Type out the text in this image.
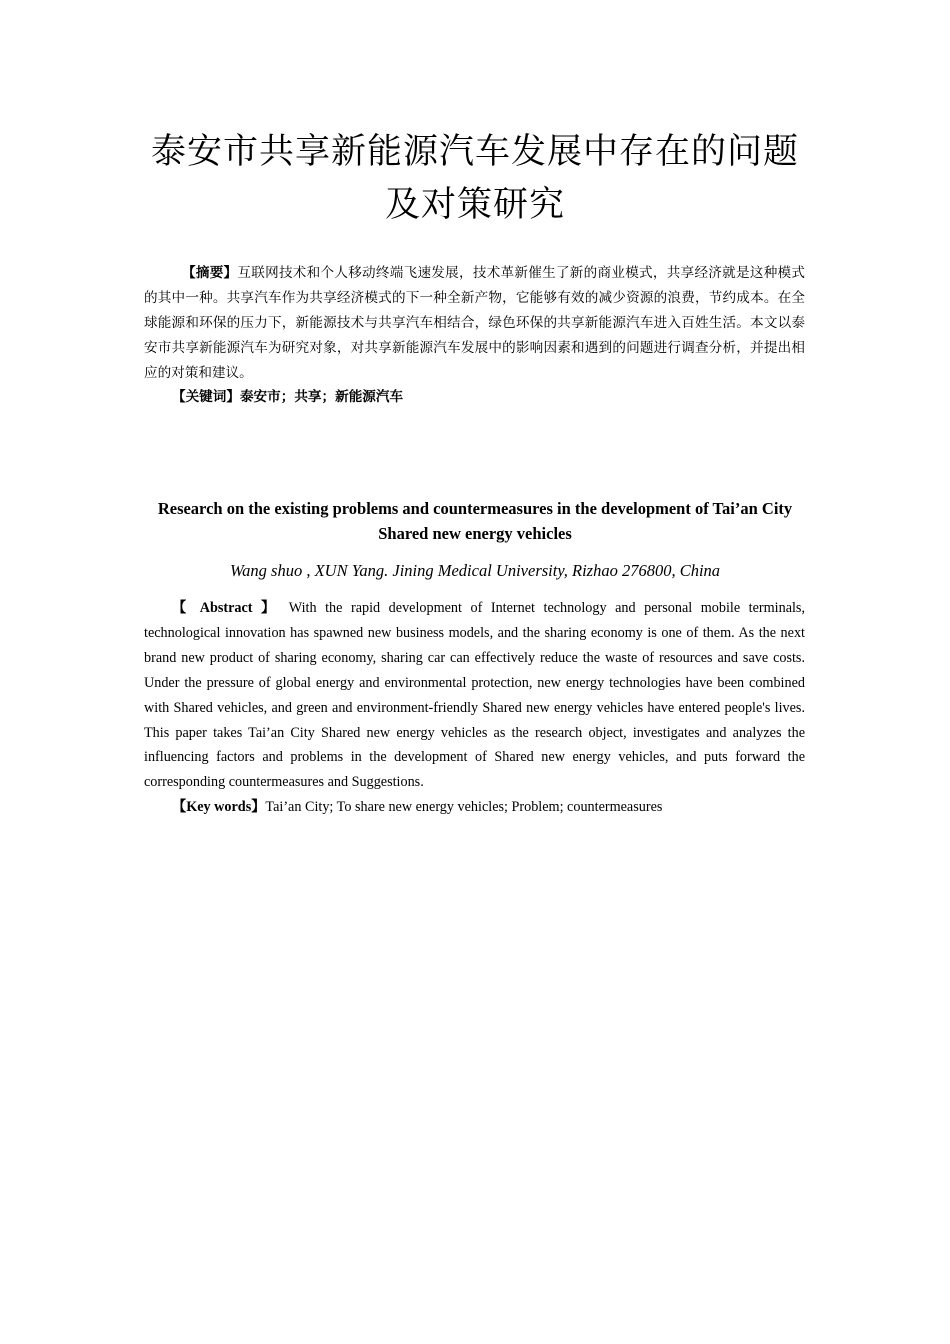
泰安市共享新能源汽车发展中存在的问题
及对策研究

【摘要】互联网技术和个人移动终端飞速发展，技术革新催生了新的商业模式，共享经济就是这种模式的其中一种。共享汽车作为共享经济模式的下一种全新产物，它能够有效的减少资源的浪费，节约成本。在全球能源和环保的压力下，新能源技术与共享汽车相结合，绿色环保的共享新能源汽车进入百姓生活。本文以泰安市共享新能源汽车为研究对象，对共享新能源汽车发展中的影响因素和遇到的问题进行调查分析，并提出相应的对策和建议。

【关键词】泰安市；共享；新能源汽车

Research on the existing problems and countermeasures in the development of Tai’an City
Shared new energy vehicles

Wang shuo , XUN Yang. Jining Medical University, Rizhao 276800, China

【 Abstract 】 With the rapid development of Internet technology and personal mobile terminals, technological innovation has spawned new business models, and the sharing economy is one of them. As the next brand new product of sharing economy, sharing car can effectively reduce the waste of resources and save costs. Under the pressure of global energy and environmental protection, new energy technologies have been combined with Shared vehicles, and green and environment-friendly Shared new energy vehicles have entered people's lives. This paper takes Tai’an City Shared new energy vehicles as the research object, investigates and analyzes the influencing factors and problems in the development of Shared new energy vehicles, and puts forward the corresponding countermeasures and Suggestions.

【Key words】Tai’an City; To share new energy vehicles; Problem; countermeasures
